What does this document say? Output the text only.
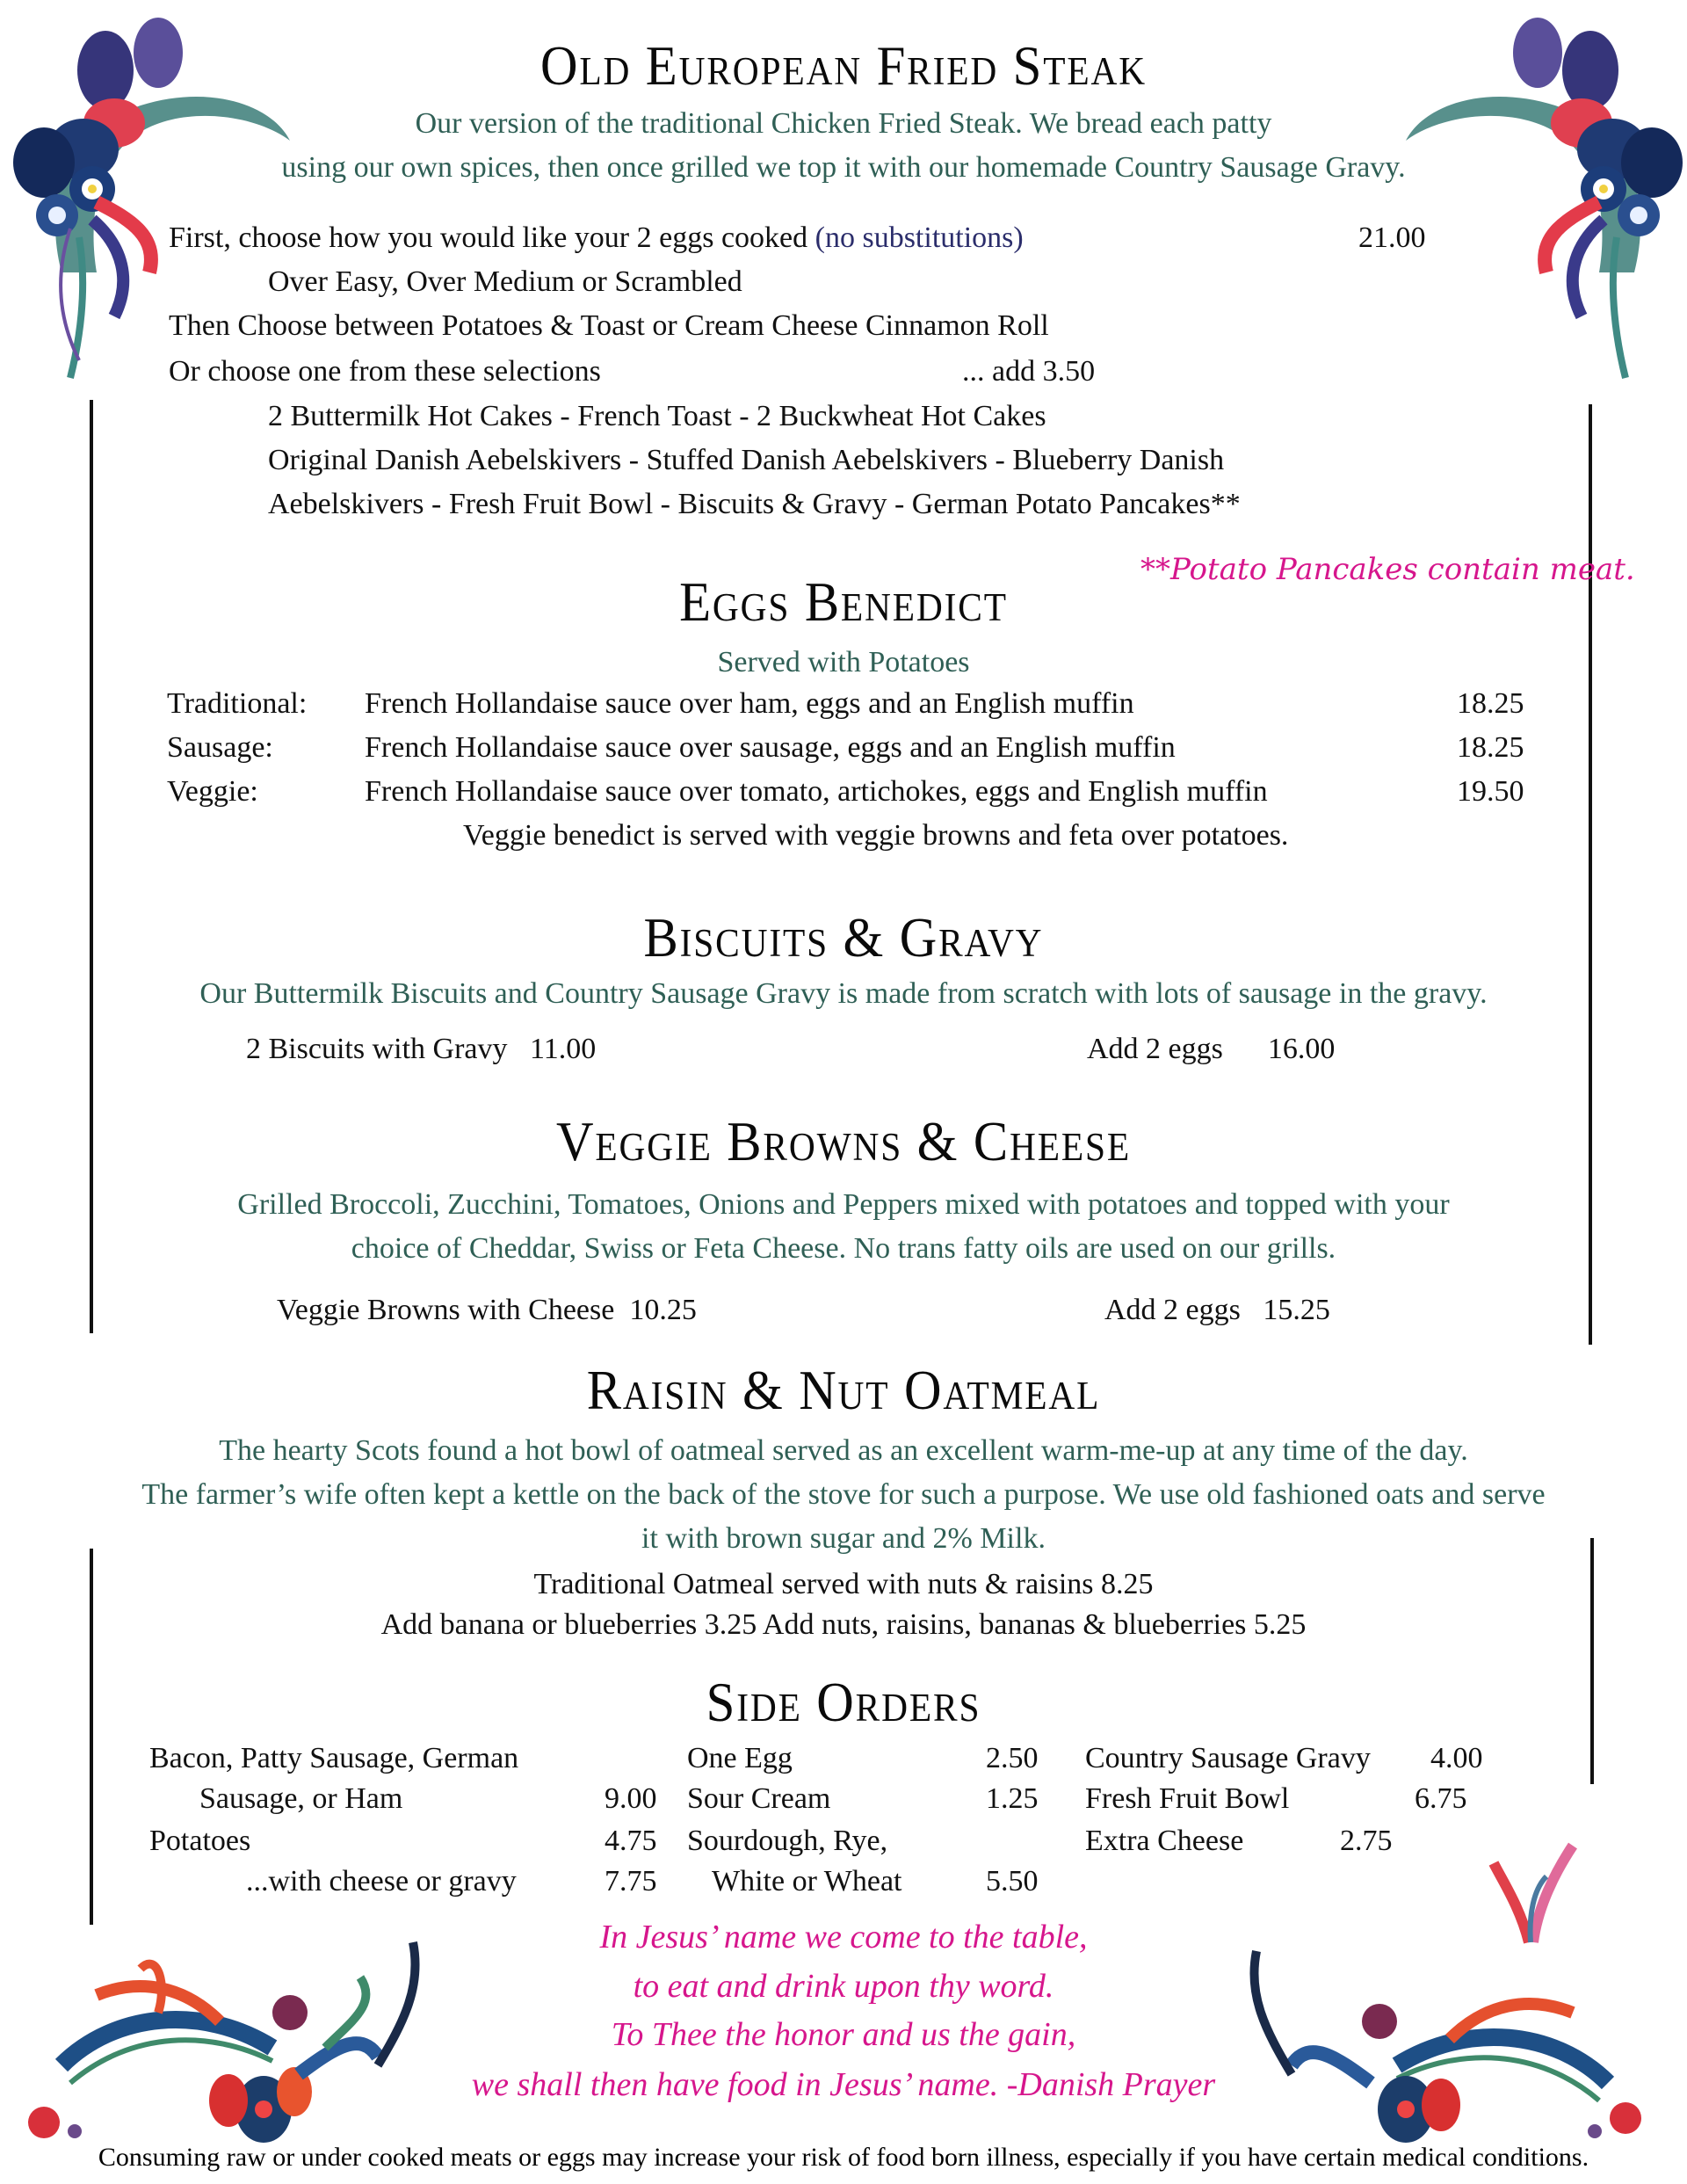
Old European Fried Steak
Our version of the traditional Chicken Fried Steak. We bread each patty
using our own spices, then once grilled we top it with our homemade Country Sausage Gravy.
First, choose how you would like your 2 eggs cooked (no substitutions)	21.00
Over Easy, Over Medium or Scrambled
Then Choose between Potatoes & Toast or Cream Cheese Cinnamon Roll
Or choose one from these selections	... add 3.50
2 Buttermilk Hot Cakes - French Toast - 2 Buckwheat Hot Cakes
Original Danish Aebelskivers - Stuffed Danish Aebelskivers - Blueberry Danish
Aebelskivers - Fresh Fruit Bowl - Biscuits & Gravy - German Potato Pancakes**
**Potato Pancakes contain meat.
Eggs Benedict
Served with Potatoes
Traditional: French Hollandaise sauce over ham, eggs and an English muffin	18.25
Sausage:	French Hollandaise sauce over sausage, eggs and an English muffin	18.25
Veggie:	French Hollandaise sauce over tomato, artichokes, eggs and English muffin	19.50
Veggie benedict is served with veggie browns and feta over potatoes.
Biscuits & Gravy
Our Buttermilk Biscuits and Country Sausage Gravy is made from scratch with lots of sausage in the gravy.
2 Biscuits with Gravy 11.00	Add 2 eggs 16.00
Veggie Browns & Cheese
Grilled Broccoli, Zucchini, Tomatoes, Onions and Peppers mixed with potatoes and topped with your
choice of Cheddar, Swiss or Feta Cheese. No trans fatty oils are used on our grills.
Veggie Browns with Cheese 10.25	Add 2 eggs 15.25
Raisin & Nut Oatmeal
The hearty Scots found a hot bowl of oatmeal served as an excellent warm-me-up at any time of the day.
The farmer’s wife often kept a kettle on the back of the stove for such a purpose. We use old fashioned oats and serve
it with brown sugar and 2% Milk.
Traditional Oatmeal served with nuts & raisins 8.25
Add banana or blueberries 3.25 Add nuts, raisins, bananas & blueberries 5.25
Side Orders
Bacon, Patty Sausage, German
Sausage, or Ham	9.00
Potatoes	4.75
...with cheese or gravy	7.75
One Egg	2.50
Sour Cream	1.25
Sourdough, Rye,
White or Wheat	5.50
Country Sausage Gravy 4.00
Fresh Fruit Bowl	6.75
Extra Cheese	2.75
In Jesus’ name we come to the table,
to eat and drink upon thy word.
To Thee the honor and us the gain,
we shall then have food in Jesus’ name. -Danish Prayer
Consuming raw or under cooked meats or eggs may increase your risk of food born illness, especially if you have certain medical conditions.
